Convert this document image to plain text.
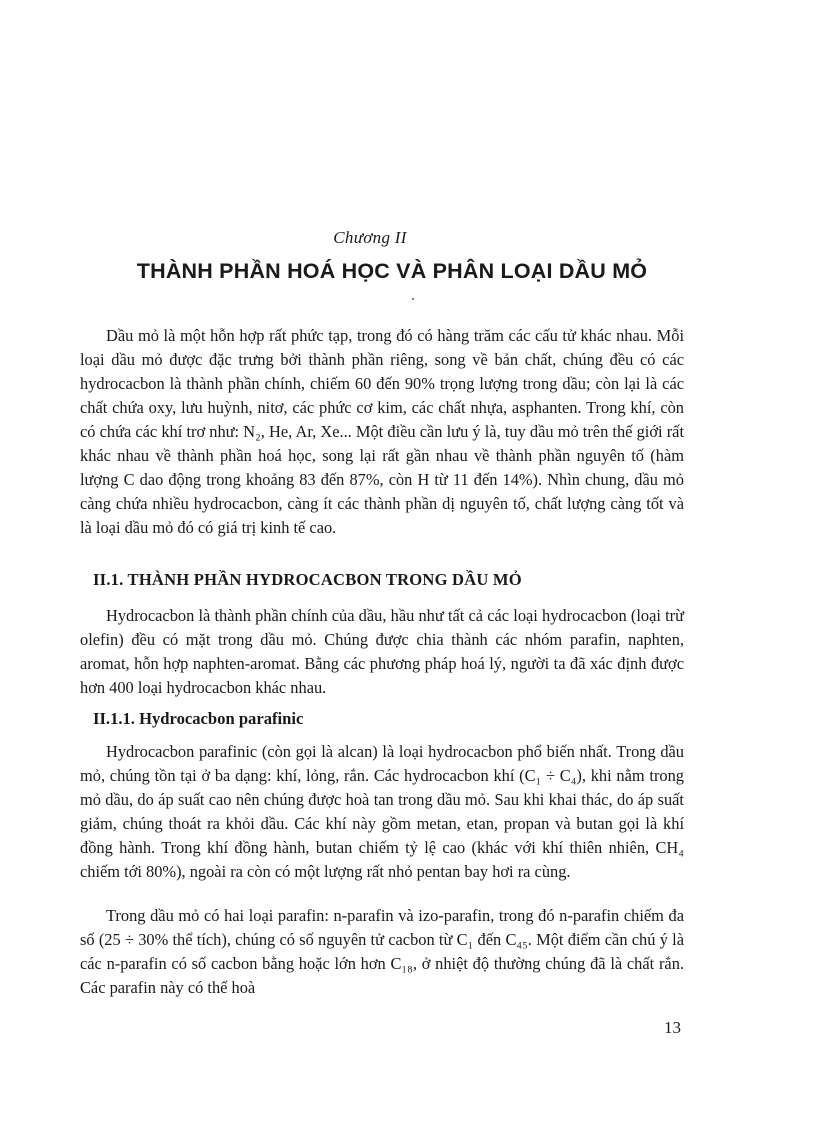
Chương II
THÀNH PHẦN HOÁ HỌC VÀ PHÂN LOẠI DẦU MỎ
Dầu mỏ là một hỗn hợp rất phức tạp, trong đó có hàng trăm các cấu tử khác nhau. Mỗi loại dầu mỏ được đặc trưng bởi thành phần riêng, song về bản chất, chúng đều có các hydrocacbon là thành phần chính, chiếm 60 đến 90% trọng lượng trong dầu; còn lại là các chất chứa oxy, lưu huỳnh, nitơ, các phức cơ kim, các chất nhựa, asphanten. Trong khí, còn có chứa các khí trơ như: N₂, He, Ar, Xe... Một điều cần lưu ý là, tuy dầu mỏ trên thế giới rất khác nhau về thành phần hoá học, song lại rất gần nhau về thành phần nguyên tố (hàm lượng C dao động trong khoảng 83 đến 87%, còn H từ 11 đến 14%). Nhìn chung, dầu mỏ càng chứa nhiều hydrocacbon, càng ít các thành phần dị nguyên tố, chất lượng càng tốt và là loại dầu mỏ đó có giá trị kinh tế cao.
II.1. THÀNH PHẦN HYDROCACBON TRONG DẦU MỎ
Hydrocacbon là thành phần chính của dầu, hầu như tất cả các loại hydrocacbon (loại trừ olefin) đều có mặt trong dầu mỏ. Chúng được chia thành các nhóm parafin, naphten, aromat, hỗn hợp naphten-aromat. Bằng các phương pháp hoá lý, người ta đã xác định được hơn 400 loại hydrocacbon khác nhau.
II.1.1. Hydrocacbon parafinic
Hydrocacbon parafinic (còn gọi là alcan) là loại hydrocacbon phổ biến nhất. Trong dầu mỏ, chúng tồn tại ở ba dạng: khí, lỏng, rắn. Các hydrocacbon khí (C₁ ÷ C₄), khi nằm trong mỏ dầu, do áp suất cao nên chúng được hoà tan trong dầu mỏ. Sau khi khai thác, do áp suất giảm, chúng thoát ra khỏi dầu. Các khí này gồm metan, etan, propan và butan gọi là khí đồng hành. Trong khí đồng hành, butan chiếm tỷ lệ cao (khác với khí thiên nhiên, CH₄ chiếm tới 80%), ngoài ra còn có một lượng rất nhỏ pentan bay hơi ra cùng.
Trong dầu mỏ có hai loại parafin: n-parafin và izo-parafin, trong đó n-parafin chiếm đa số (25 ÷ 30% thể tích), chúng có số nguyên tử cacbon từ C₁ đến C₄₅. Một điểm cần chú ý là các n-parafin có số cacbon bằng hoặc lớn hơn C₁₈, ở nhiệt độ thường chúng đã là chất rắn. Các parafin này có thể hoà
13
